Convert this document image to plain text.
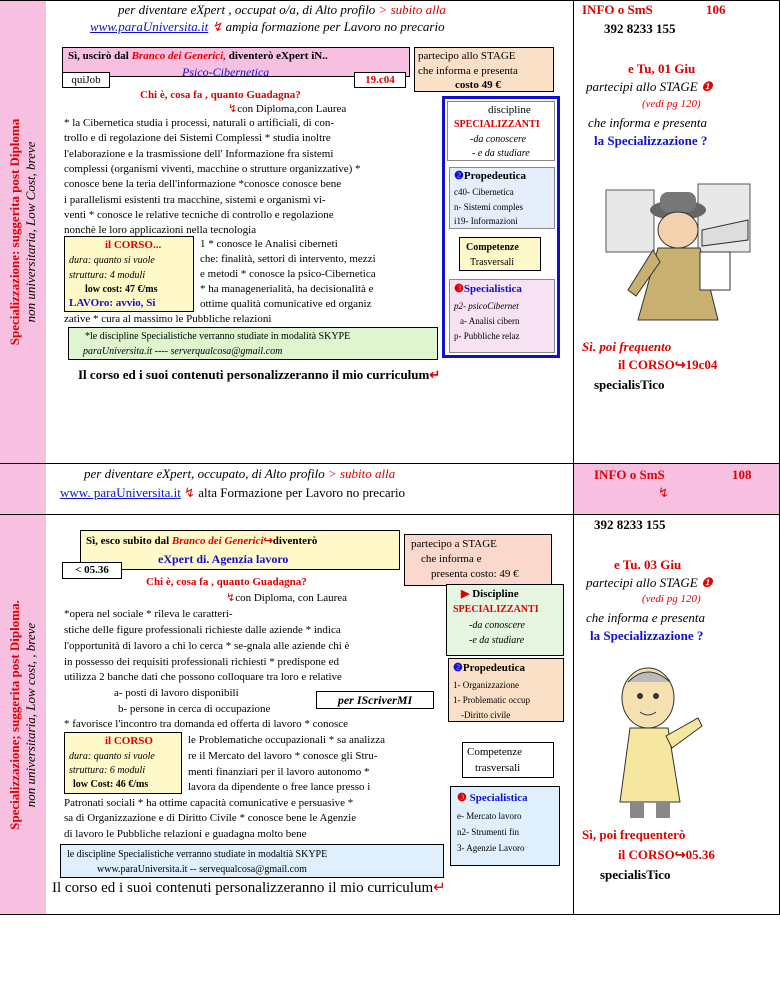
Specializzazione: suggerita post Diploma non universitaria, Low Cost, breve
Specializzazione; suggerita post Diploma. non universitaria, Low cost, , breve
per diventare eXpert , occupat o/a, di Alto profilo > subito alla
www.paraUniversita.it ↯ ampia formazione per Lavoro no precario
Sì, uscirò dal Branco dei Generici, diventerò eXpert iN..
Psico-Cibernetica
quiJob	19.c04
partecipo allo STAGE
che informa e presenta
costo 49 €
Chi è, cosa fa , quanto Guadagna?
↯con Diploma,con Laurea
* la Cibernetica studia i processi, naturali o artificiali, di con-
trollo e di regolazione dei Sistemi Complessi * studia inoltre
l'elaborazione e la trasmissione dell' Informazione fra sistemi
complessi (organismi viventi, macchine o strutture organizzative) *
conosce bene la teria dell'informazione *conosce conosce bene
i parallelismi esistenti tra macchine, sistemi e organismi vi-
venti * conosce le relative tecniche di controllo e regolazione
nonchè le loro applicazioni nella tecnologia
il CORSO...
dura: quanto si vuole
struttura: 4 moduli
low cost: 47 €/ms
LAVOro: avvio, Si
1 * conosce le Analisi ciberneti
che: finalità, settori di intervento, mezzi
e metodi * conosce la psico-Cibernetica
* ha managenerialità, ha decisionalità e
ottime qualità comunicative ed organiz
zative * cura al massimo le Pubbliche relazioni
*le discipline Specialistiche verranno studiate in modalità SKYPE
paraUniversita.it ---- serverqualcosa@gmail.com
Il corso ed i suoi contenuti personalizzeranno il mio curriculum↵
discipline
SPECIALIZZANTI
-da conoscere
- e da studiare
❷Propedeutica
c40- Cibernetica
n- Sistemi comples
i19- Informazioni
Competenze
Trasversali
❸Specialistica
p2- psicoCibernet
a- Analisi cibern
p- Pubbliche relaz
INFO o SmS	106
392 8233 155
e Tu, 01 Giu
partecipi allo STAGE ❶
(vedi pg 120)
che informa e presenta
la Specializzazione ?
Sì. poi frequento
il CORSO↪19c04
specialisTico
per diventare eXpert, occupato, di Alto profilo > subito alla
www. paraUniversita.it ↯ alta Formazione per Lavoro no precario
INFO o SmS	108
↯
Sì, esco subito dal Branco dei Generici↪diventerò
eXpert di. Agenzia lavoro
< 05.36
partecipo a STAGE
che informa e
presenta costo: 49 €
Chi è, cosa fa , quanto Guadagna?
↯con Diploma, con Laurea
*opera nel sociale * rileva le caratteri-
stiche delle figure professionali richieste dalle aziende * indica
l'opportunità di lavoro a chi lo cerca * se-gnala alle aziende chi è
in possesso dei requisiti professionali richiesti * predispone ed
utilizza 2 banche dati che possono colloquare tra loro e relative
a- posti di lavoro disponibili
b- persone in cerca di occupazione
* favorisce l'incontro tra domanda ed offerta di lavoro * conosce
per IScriverMI
il CORSO
dura: quanto si vuole
struttura: 6 moduli
low Cost: 46 €/ms
le Problematiche occupazionali * sa analizza
re il Mercato del lavoro * conosce gli Stru-
menti finanziari per il lavoro autonomo *
lavora da dipendente o free lance presso i
Patronati sociali * ha ottime capacità comunicative e persuasive *
sa di Organizzazione e di Diritto Civile * conosce bene le Agenzie
di lavoro le Pubbliche relazioni e guadagna molto bene
le discipline Specialistiche verranno studiate in modaltià SKYPE
www.paraUniversita.it -- servequalcosa@gmail.com
Il corso ed i suoi contenuti personalizzeranno il mio curriculum↵
▶ Discipline
SPECIALIZZANTI
-da conoscere
-e da studiare
❷Propedeutica
1- Organizzazione
1- Problematic occup
-Diritto civile
Competenze
trasversali
❸ Specialistica
e- Mercato lavoro
n2- Strumenti fin
3- Agenzie Lavoro
392 8233 155
e Tu. 03 Giu
partecipi allo STAGE ❶
(vedi pg 120)
che informa e presenta
la Specializzazione ?
Sì, poi frequenterò
il CORSO↪05.36
specialisTico
